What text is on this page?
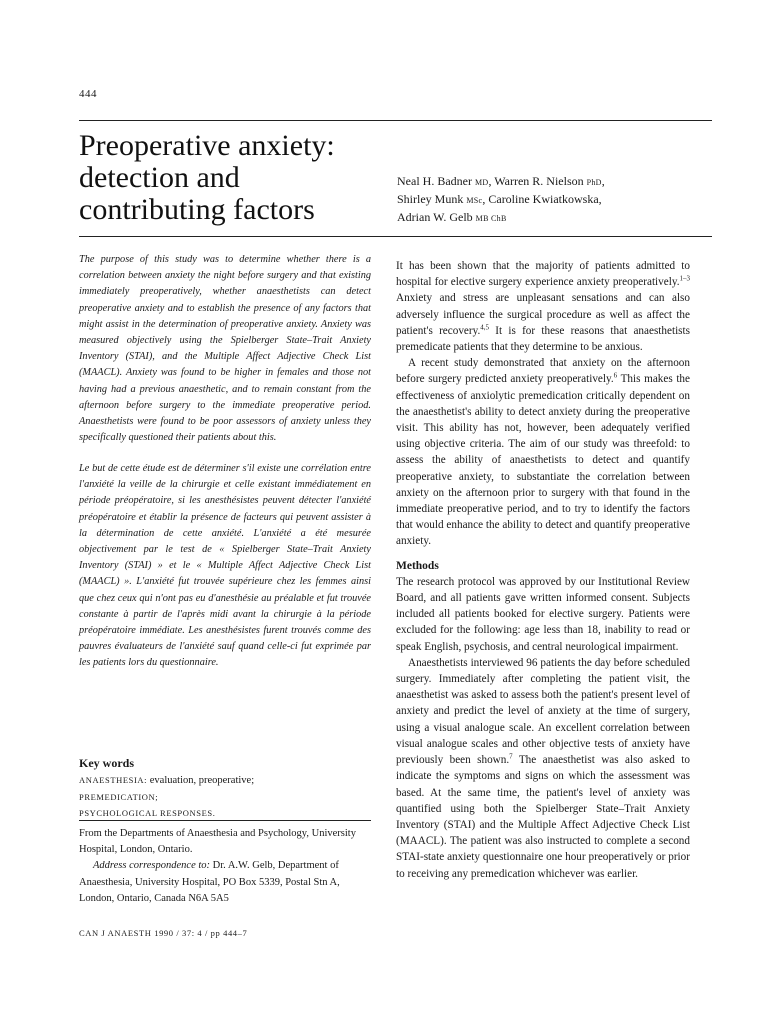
444
Preoperative anxiety:
detection and
contributing factors
Neal H. Badner MD, Warren R. Nielson PhD,
Shirley Munk MSc, Caroline Kwiatkowska,
Adrian W. Gelb MB ChB

The purpose of this study was to determine whether there is a correlation between anxiety the night before surgery and that existing immediately preoperatively, whether anaesthetists can detect preoperative anxiety and to establish the presence of any factors that might assist in the determination of preoperative anxiety. Anxiety was measured objectively using the Spielberger State–Trait Anxiety Inventory (STAI), and the Multiple Affect Adjective Check List (MAACL). Anxiety was found to be higher in females and those not having had a previous anaesthetic, and to remain constant from the afternoon before surgery to the immediate preoperative period. Anaesthetists were found to be poor assessors of anxiety unless they specifically questioned their patients about this.

Le but de cette étude est de déterminer s'il existe une corrélation entre l'anxiété la veille de la chirurgie et celle existant immédiatement en période préopératoire, si les anesthésistes peuvent détecter l'anxiété préopératoire et établir la présence de facteurs qui peuvent assister à la détermination de cette anxiété. L'anxiété a été mesurée objectivement par le test de « Spielberger State–Trait Anxiety Inventory (STAI) » et le « Multiple Affect Adjective Check List (MAACL) ». L'anxiété fut trouvée supérieure chez les femmes ainsi que chez ceux qui n'ont pas eu d'anesthésie au préalable et fut trouvée constante à partir de l'après midi avant la chirurgie à la période préopératoire immédiate. Les anesthésistes furent trouvés comme des pauvres évaluateurs de l'anxiété sauf quand celle-ci fut exprimée par les patients lors du questionnaire.

Key words
ANAESTHESIA: evaluation, preoperative;
PREMEDICATION;
PSYCHOLOGICAL RESPONSES.

From the Departments of Anaesthesia and Psychology, University Hospital, London, Ontario.

Address correspondence to: Dr. A.W. Gelb, Department of Anaesthesia, University Hospital, PO Box 5339, Postal Stn A, London, Ontario, Canada N6A 5A5

CAN J ANAESTH 1990 / 37: 4 / pp 444–7

It has been shown that the majority of patients admitted to hospital for elective surgery experience anxiety preoperatively.$^{1-3}$ Anxiety and stress are unpleasant sensations and can also adversely influence the surgical procedure as well as affect the patient's recovery.$^{4,5}$ It is for these reasons that anaesthetists premedicate patients that they determine to be anxious.

A recent study demonstrated that anxiety on the afternoon before surgery predicted anxiety preoperatively.$^6$ This makes the effectiveness of anxiolytic premedication critically dependent on the anaesthetist's ability to detect anxiety during the preoperative visit. This ability has not, however, been adequately verified using objective criteria. The aim of our study was threefold: to assess the ability of anaesthetists to detect and quantify preoperative anxiety, to substantiate the correlation between anxiety on the afternoon prior to surgery with that found in the immediate preoperative period, and to try to identify the factors that would enhance the ability to detect and quantify preoperative anxiety.

Methods

The research protocol was approved by our Institutional Review Board, and all patients gave written informed consent. Subjects included all patients booked for elective surgery. Patients were excluded for the following: age less than 18, inability to read or speak English, psychosis, and central neurological impairment.

Anaesthetists interviewed 96 patients the day before scheduled surgery. Immediately after completing the patient visit, the anaesthetist was asked to assess both the patient's present level of anxiety and predict the level of anxiety at the time of surgery, using a visual analogue scale. An excellent correlation between visual analogue scales and other objective tests of anxiety have previously been shown.$^7$ The anaesthetist was also asked to indicate the symptoms and signs on which the assessment was based. At the same time, the patient's level of anxiety was quantified using both the Spielberger State–Trait Anxiety Inventory (STAI) and the Multiple Affect Adjective Check List (MAACL). The patient was also instructed to complete a second STAI-state anxiety questionnaire one hour preoperatively or prior to receiving any premedication whichever was earlier.
